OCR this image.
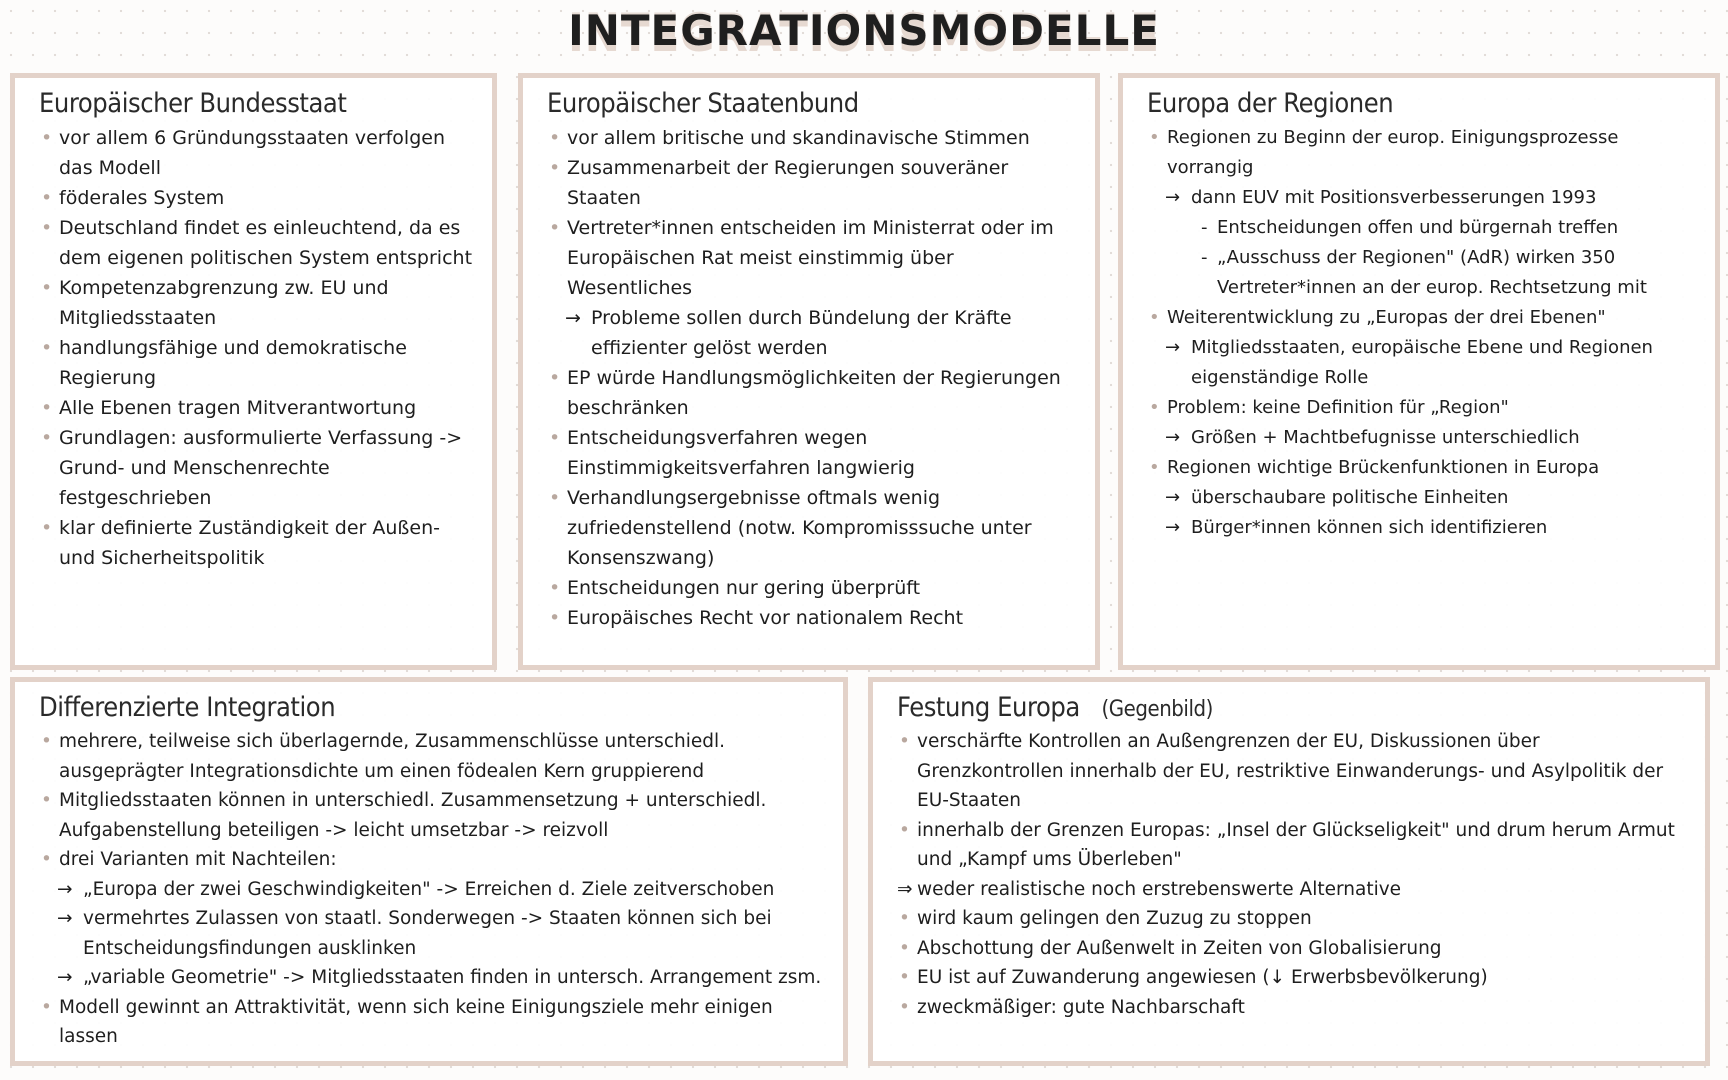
INTEGRATIONSMODELLE
Europäischer Bundesstaat
• vor allem 6 Gründungsstaaten verfolgen das Modell
• föderales System
• Deutschland findet es einleuchtend, da es dem eigenen politischen System entspricht
• Kompetenzabgrenzung zw. EU und Mitgliedsstaaten
• handlungsfähige und demokratische Regierung
• Alle Ebenen tragen Mitverantwortung
• Grundlagen: ausformulierte Verfassung -> Grund- und Menschenrechte festgeschrieben
• klar definierte Zuständigkeit der Außen- und Sicherheitspolitik
Europäischer Staatenbund
• vor allem britische und skandinavische Stimmen
• Zusammenarbeit der Regierungen souveräner Staaten
• Vertreter*innen entscheiden im Ministerrat oder im Europäischen Rat meist einstimmig über Wesentliches
→ Probleme sollen durch Bündelung der Kräfte effizienter gelöst werden
• EP würde Handlungsmöglichkeiten der Regierungen beschränken
• Entscheidungsverfahren wegen Einstimmigkeitsverfahren langwierig
• Verhandlungsergebnisse oftmals wenig zufriedenstellend (notw. Kompromisssuche unter Konsenszwang)
• Entscheidungen nur gering überprüft
• Europäisches Recht vor nationalem Recht
Europa der Regionen
• Regionen zu Beginn der europ. Einigungsprozesse vorrangig
→ dann EUV mit Positionsverbesserungen 1993
- Entscheidungen offen und bürgernah treffen
- „Ausschuss der Regionen" (AdR) wirken 350 Vertreter*innen an der europ. Rechtsetzung mit
• Weiterentwicklung zu „Europas der drei Ebenen"
→ Mitgliedsstaaten, europäische Ebene und Regionen eigenständige Rolle
• Problem: keine Definition für „Region"
→ Größen + Machtbefugnisse unterschiedlich
• Regionen wichtige Brückenfunktionen in Europa
→ überschaubare politische Einheiten
→ Bürger*innen können sich identifizieren
Differenzierte Integration
• mehrere, teilweise sich überlagernde, Zusammenschlüsse unterschiedl. ausgeprägter Integrationsdichte um einen födealen Kern gruppierend
• Mitgliedsstaaten können in unterschiedl. Zusammensetzung + unterschiedl. Aufgabenstellung beteiligen -> leicht umsetzbar -> reizvoll
• drei Varianten mit Nachteilen:
→ „Europa der zwei Geschwindigkeiten" -> Erreichen d. Ziele zeitverschoben
→ vermehrtes Zulassen von staatl. Sonderwegen -> Staaten können sich bei Entscheidungsfindungen ausklinken
→ „variable Geometrie" -> Mitgliedsstaaten finden in untersch. Arrangement zsm.
• Modell gewinnt an Attraktivität, wenn sich keine Einigungsziele mehr einigen lassen
Festung Europa (Gegenbild)
• verschärfte Kontrollen an Außengrenzen der EU, Diskussionen über Grenzkontrollen innerhalb der EU, restriktive Einwanderungs- und Asylpolitik der EU-Staaten
• innerhalb der Grenzen Europas: „Insel der Glückseligkeit" und drum herum Armut und „Kampf ums Überleben"
⇒ weder realistische noch erstrebenswerte Alternative
• wird kaum gelingen den Zuzug zu stoppen
• Abschottung der Außenwelt in Zeiten von Globalisierung
• EU ist auf Zuwanderung angewiesen (↓ Erwerbsbevölkerung)
• zweckmäßiger: gute Nachbarschaft
